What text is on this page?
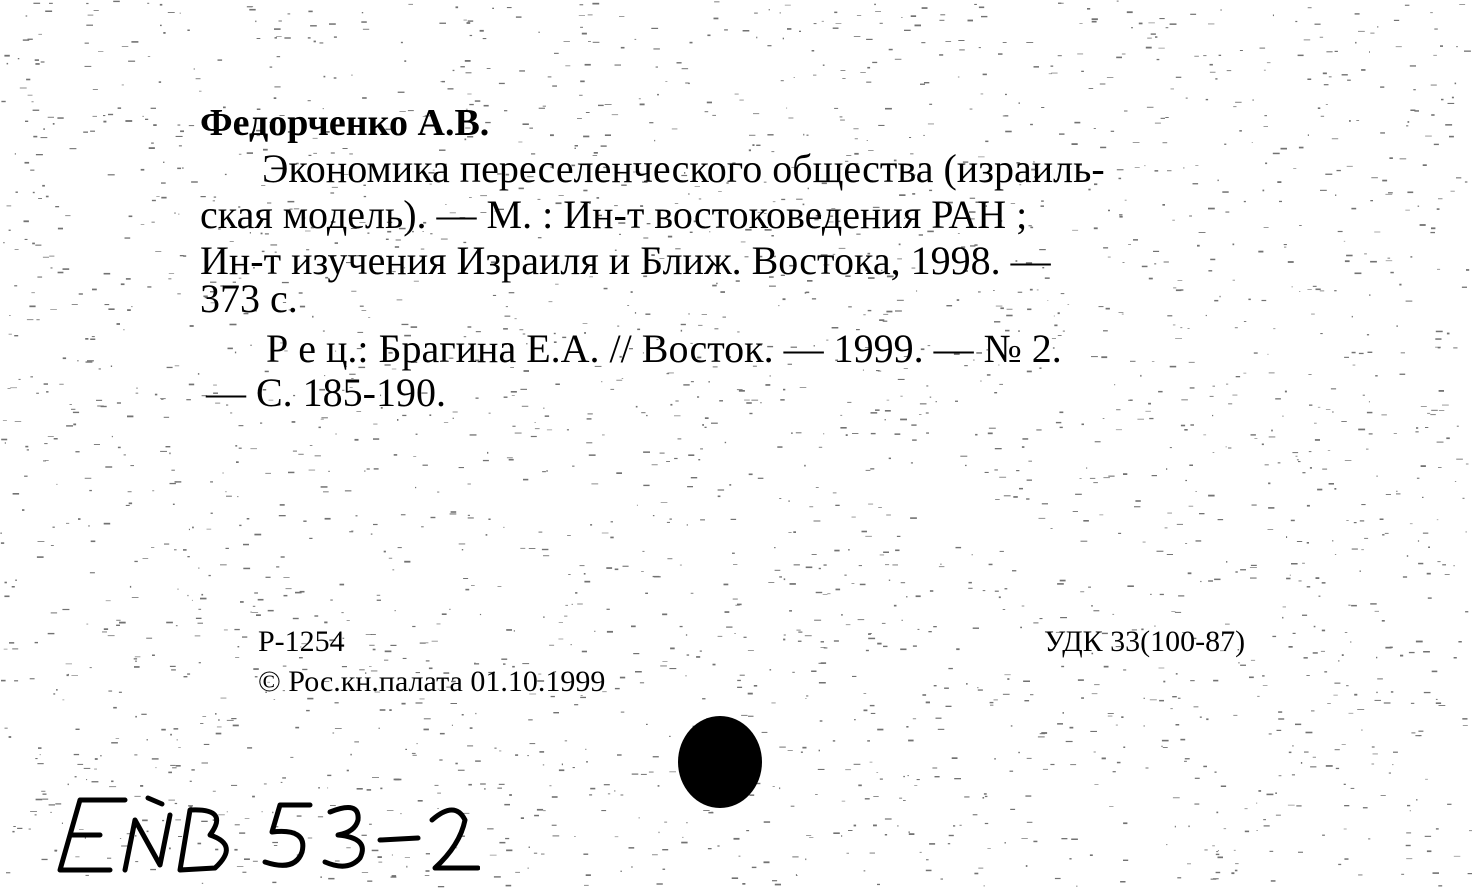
Федорченко А.В.
Экономика переселенческого общества (израиль-
ская модель). — М. : Ин-т востоковедения РАН ;
Ин-т изучения Израиля и Ближ. Востока, 1998. —
373 с.
Р е ц.: Брагина Е.А. // Восток. — 1999. — № 2.
— С. 185-190.
Р-1254
© Рос.кн.палата 01.10.1999
УДК 33(100-87)
